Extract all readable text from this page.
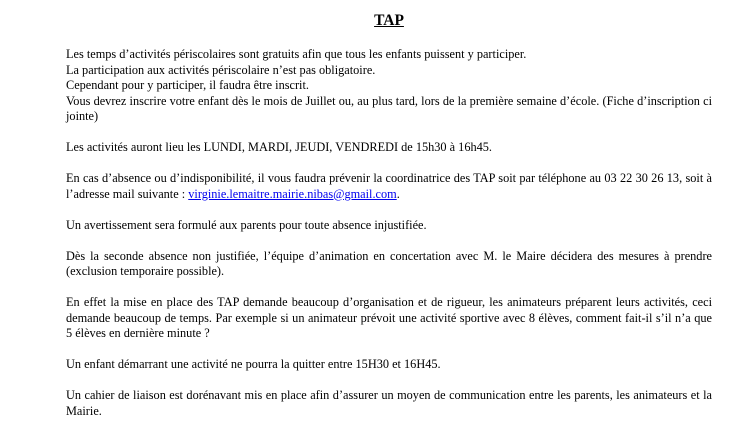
TAP
Les temps d’activités périscolaires sont gratuits afin que tous les enfants puissent y participer.
La participation aux activités périscolaire n’est pas obligatoire.
Cependant pour y participer, il faudra être inscrit.
Vous devrez inscrire votre enfant dès le mois de Juillet ou, au plus tard, lors de la première semaine d’école. (Fiche d’inscription ci jointe)
Les activités auront lieu les LUNDI, MARDI, JEUDI, VENDREDI de 15h30 à 16h45.
En cas d’absence ou d’indisponibilité, il vous faudra prévenir la coordinatrice des TAP soit par téléphone au 03 22 30 26 13, soit à l’adresse mail suivante : virginie.lemaitre.mairie.nibas@gmail.com.
Un avertissement sera formulé aux parents pour toute absence injustifiée.
Dès la seconde absence non justifiée, l’équipe d’animation en concertation avec M. le Maire décidera des mesures à prendre (exclusion temporaire possible).
En effet la mise en place des TAP demande beaucoup d’organisation et de rigueur, les animateurs préparent leurs activités, ceci demande beaucoup de temps. Par exemple si un animateur prévoit une activité sportive avec 8 élèves, comment fait-il s’il n’a que 5 élèves en dernière minute ?
Un enfant démarrant une activité ne pourra la quitter entre 15H30 et 16H45.
Un cahier de liaison est dorénavant mis en place afin d’assurer un moyen de communication entre les parents, les animateurs et la Mairie.
